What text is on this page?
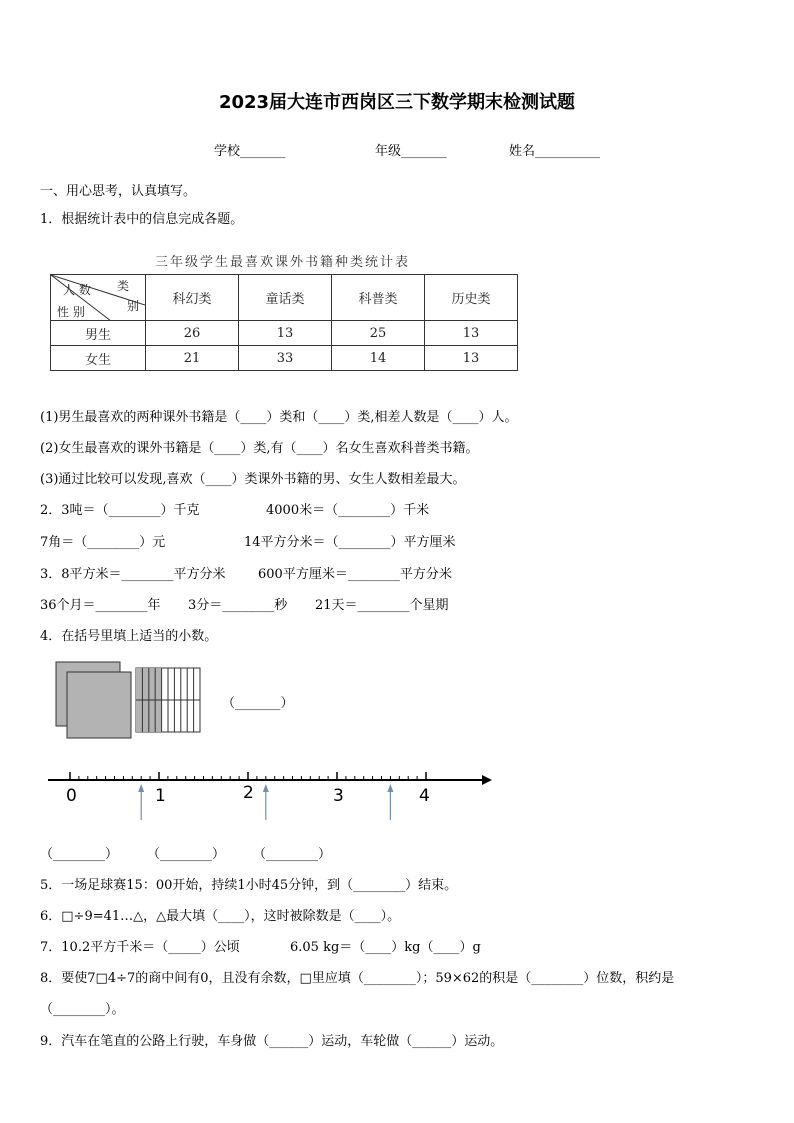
2023届大连市西岗区三下数学期末检测试题
学校_______	年级_______	姓名__________
一、用心思考，认真填写。
1．根据统计表中的信息完成各题。
三年级学生最喜欢课外书籍种类统计表
类
人 数
别
性 别	科幻类	童话类	科普类	历史类
男生	26	13	25	13
女生	21	33	14	13
(1)男生最喜欢的两种课外书籍是（____）类和（____）类,相差人数是（____）人。
(2)女生最喜欢的课外书籍是（____）类,有（____）名女生喜欢科普类书籍。
(3)通过比较可以发现,喜欢（____）类课外书籍的男、女生人数相差最大。
2．3吨＝（________）千克	4000米＝（________）千米
7角＝（________）元	14平方分米＝（________）平方厘米
3．8平方米＝________平方分米 600平方厘米＝________平方分米
36个月＝________年 3分＝________秒 21天＝________个星期
4．在括号里填上适当的小数。
（_______）
0	1	2	3	4
（________） （________） （________）
5．一场足球赛15：00开始，持续1小时45分钟，到（________）结束。
6．□÷9=41…△，△最大填（____），这时被除数是（____）。
7．10.2平方千米＝（_____）公顷	6.05 kg＝（____）kg（____）g
8．要使7□4÷7的商中间有0，且没有余数，□里应填（________）；59×62的积是（________）位数，积约是
（________）。
9．汽车在笔直的公路上行驶，车身做（______）运动，车轮做（______）运动。
